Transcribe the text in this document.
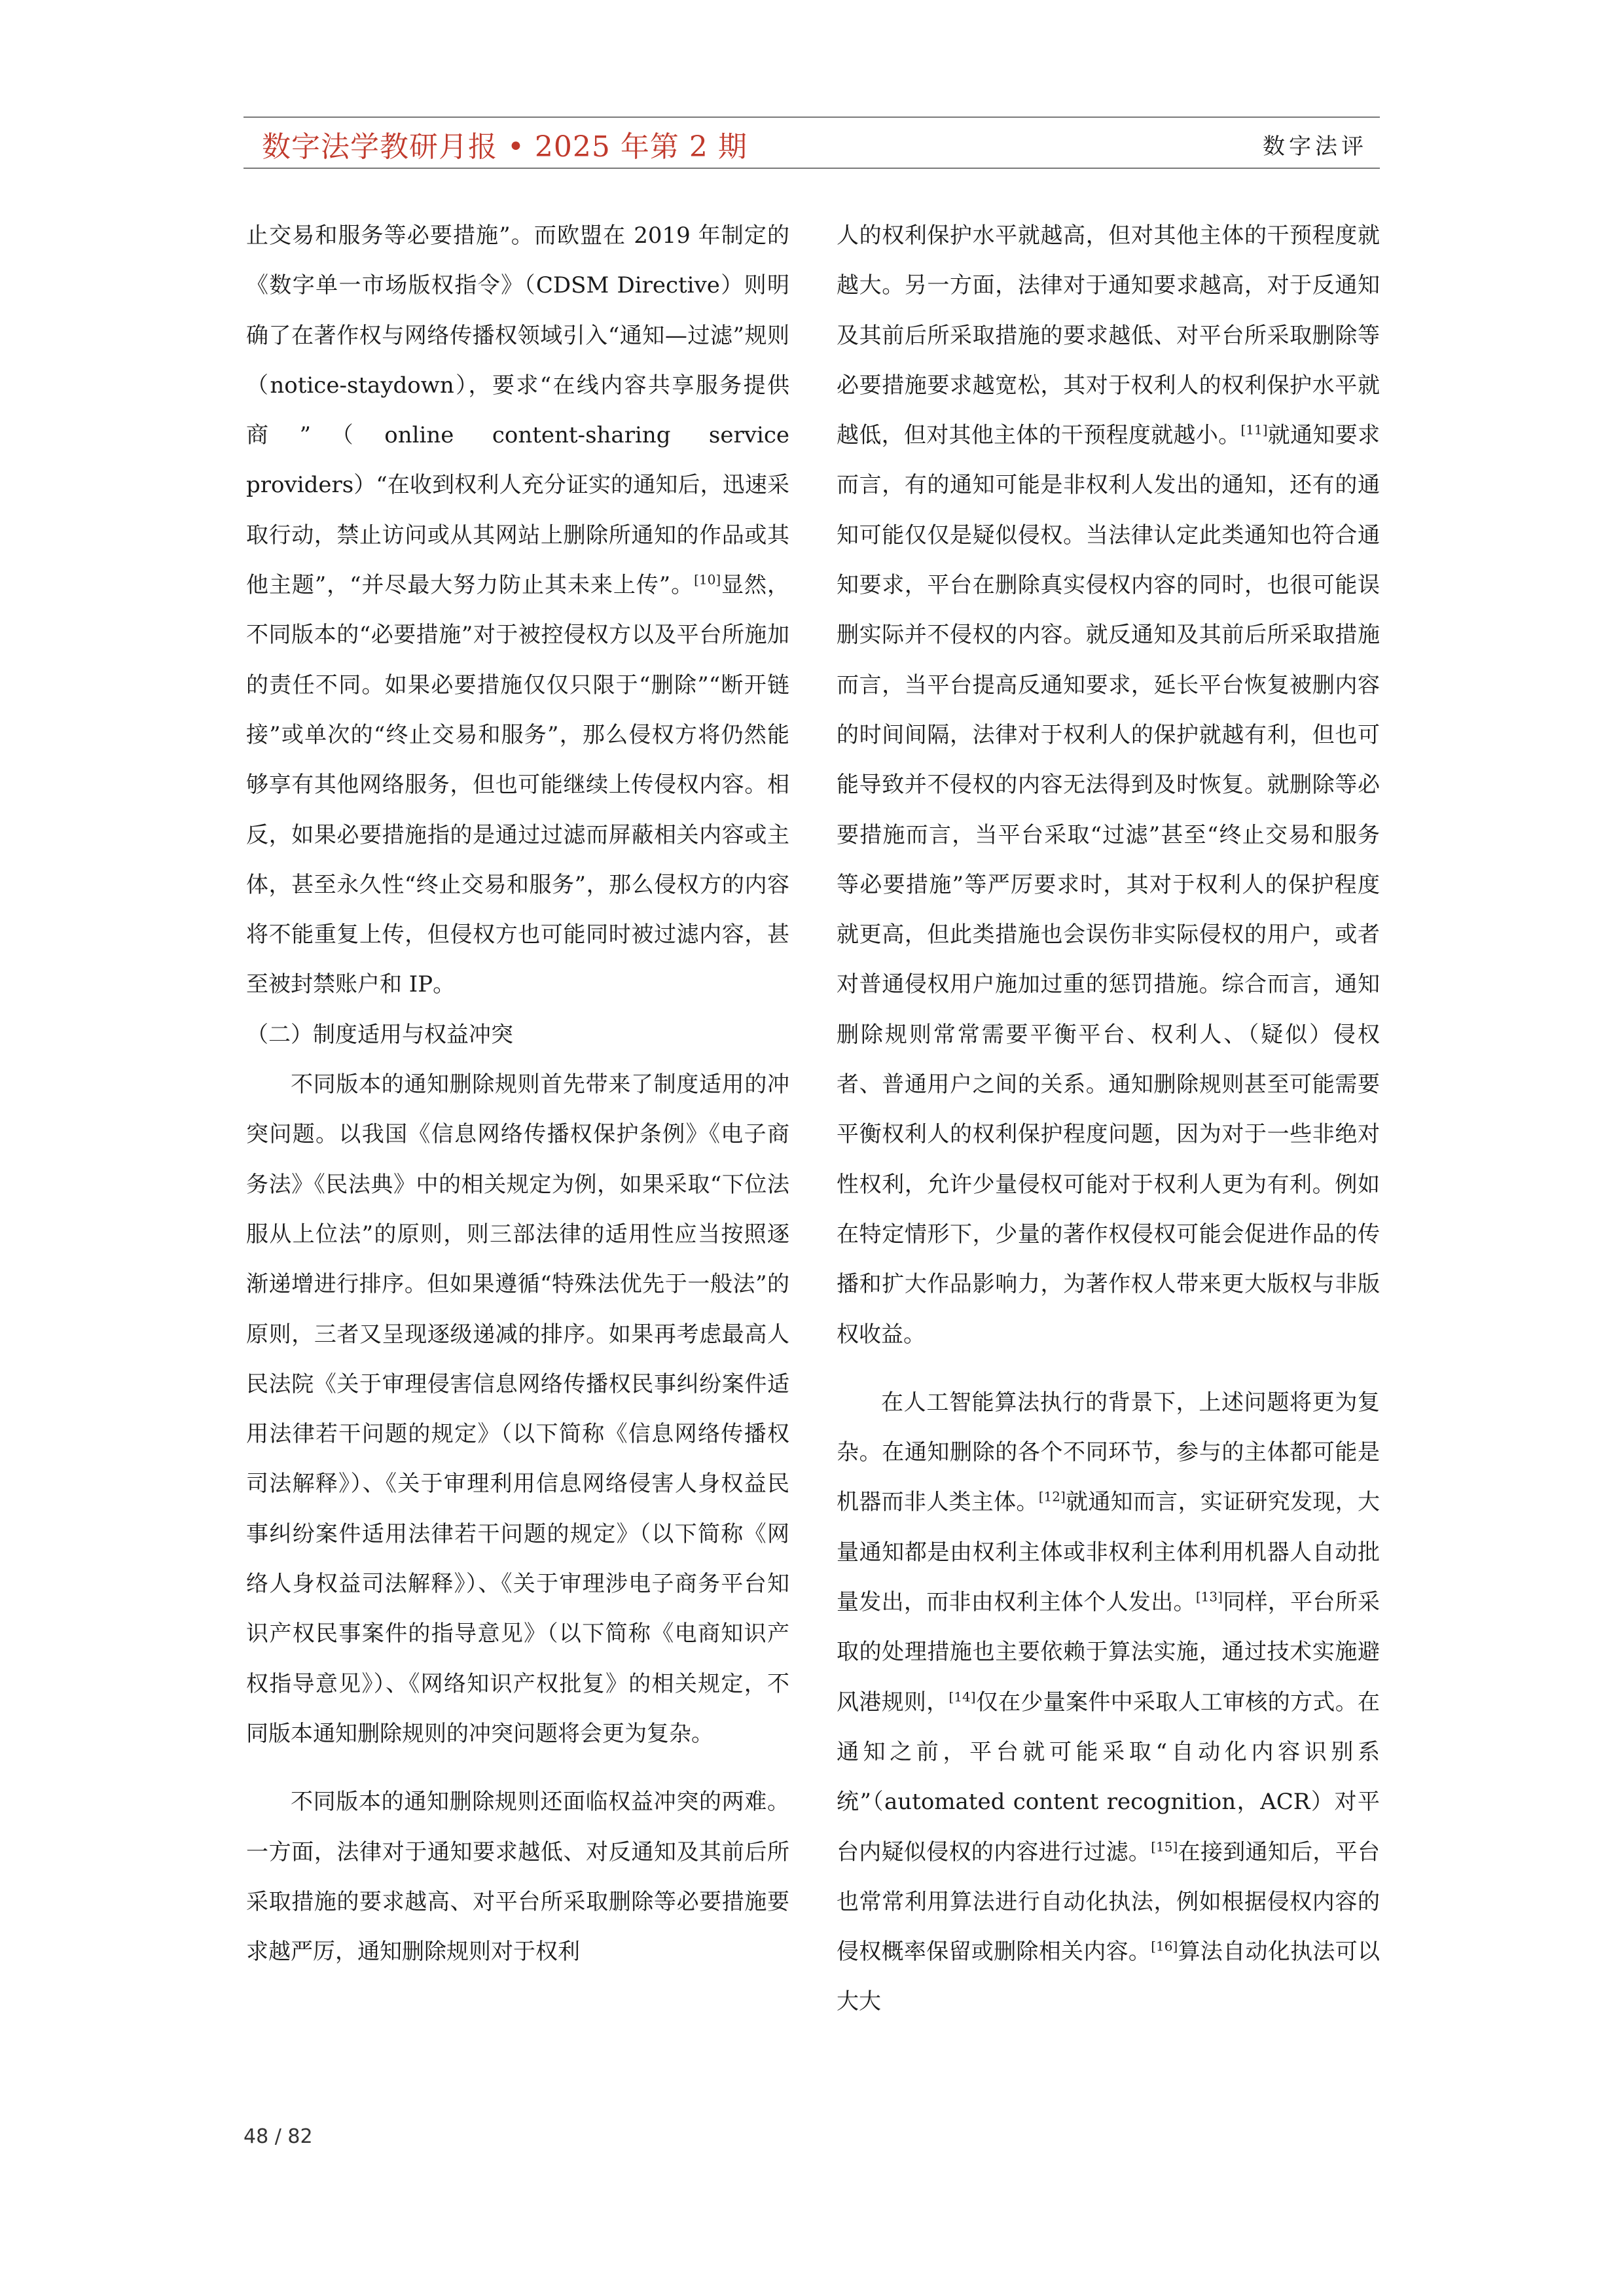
数字法学教研月报 • 2025 年第 2 期	数字法评

止交易和服务等必要措施”。而欧盟在 2019 年制定的《数字单一市场版权指令》（CDSM Directive）则明确了在著作权与网络传播权领域引入“通知—过滤”规则（notice-staydown），要求“在线内容共享服务提供商”（online content-sharing service providers）“在收到权利人充分证实的通知后，迅速采取行动，禁止访问或从其网站上删除所通知的作品或其他主题”，“并尽最大努力防止其未来上传”。[10]显然，不同版本的“必要措施”对于被控侵权方以及平台所施加的责任不同。如果必要措施仅仅只限于“删除”“断开链接”或单次的“终止交易和服务”，那么侵权方将仍然能够享有其他网络服务，但也可能继续上传侵权内容。相反，如果必要措施指的是通过过滤而屏蔽相关内容或主体，甚至永久性“终止交易和服务”，那么侵权方的内容将不能重复上传，但侵权方也可能同时被过滤内容，甚至被封禁账户和 IP。

（二）制度适用与权益冲突

不同版本的通知删除规则首先带来了制度适用的冲突问题。以我国《信息网络传播权保护条例》《电子商务法》《民法典》中的相关规定为例，如果采取“下位法服从上位法”的原则，则三部法律的适用性应当按照逐渐递增进行排序。但如果遵循“特殊法优先于一般法”的原则，三者又呈现逐级递减的排序。如果再考虑最高人民法院《关于审理侵害信息网络传播权民事纠纷案件适用法律若干问题的规定》（以下简称《信息网络传播权司法解释》）、《关于审理利用信息网络侵害人身权益民事纠纷案件适用法律若干问题的规定》（以下简称《网络人身权益司法解释》）、《关于审理涉电子商务平台知识产权民事案件的指导意见》（以下简称《电商知识产权指导意见》）、《网络知识产权批复》的相关规定，不同版本通知删除规则的冲突问题将会更为复杂。

不同版本的通知删除规则还面临权益冲突的两难。一方面，法律对于通知要求越低、对反通知及其前后所采取措施的要求越高、对平台所采取删除等必要措施要求越严厉，通知删除规则对于权利

人的权利保护水平就越高，但对其他主体的干预程度就越大。另一方面，法律对于通知要求越高，对于反通知及其前后所采取措施的要求越低、对平台所采取删除等必要措施要求越宽松，其对于权利人的权利保护水平就越低，但对其他主体的干预程度就越小。[11]就通知要求而言，有的通知可能是非权利人发出的通知，还有的通知可能仅仅是疑似侵权。当法律认定此类通知也符合通知要求，平台在删除真实侵权内容的同时，也很可能误删实际并不侵权的内容。就反通知及其前后所采取措施而言，当平台提高反通知要求，延长平台恢复被删内容的时间间隔，法律对于权利人的保护就越有利，但也可能导致并不侵权的内容无法得到及时恢复。就删除等必要措施而言，当平台采取“过滤”甚至“终止交易和服务等必要措施”等严厉要求时，其对于权利人的保护程度就更高，但此类措施也会误伤非实际侵权的用户，或者对普通侵权用户施加过重的惩罚措施。综合而言，通知删除规则常常需要平衡平台、权利人、（疑似）侵权者、普通用户之间的关系。通知删除规则甚至可能需要平衡权利人的权利保护程度问题，因为对于一些非绝对性权利，允许少量侵权可能对于权利人更为有利。例如在特定情形下，少量的著作权侵权可能会促进作品的传播和扩大作品影响力，为著作权人带来更大版权与非版权收益。

在人工智能算法执行的背景下，上述问题将更为复杂。在通知删除的各个不同环节，参与的主体都可能是机器而非人类主体。[12]就通知而言，实证研究发现，大量通知都是由权利主体或非权利主体利用机器人自动批量发出，而非由权利主体个人发出。[13]同样，平台所采取的处理措施也主要依赖于算法实施，通过技术实施避风港规则，[14]仅在少量案件中采取人工审核的方式。在通知之前，平台就可能采取“自动化内容识别系统”（automated content recognition，ACR）对平台内疑似侵权的内容进行过滤。[15]在接到通知后，平台也常常利用算法进行自动化执法，例如根据侵权内容的侵权概率保留或删除相关内容。[16]算法自动化执法可以大大

48 / 82
